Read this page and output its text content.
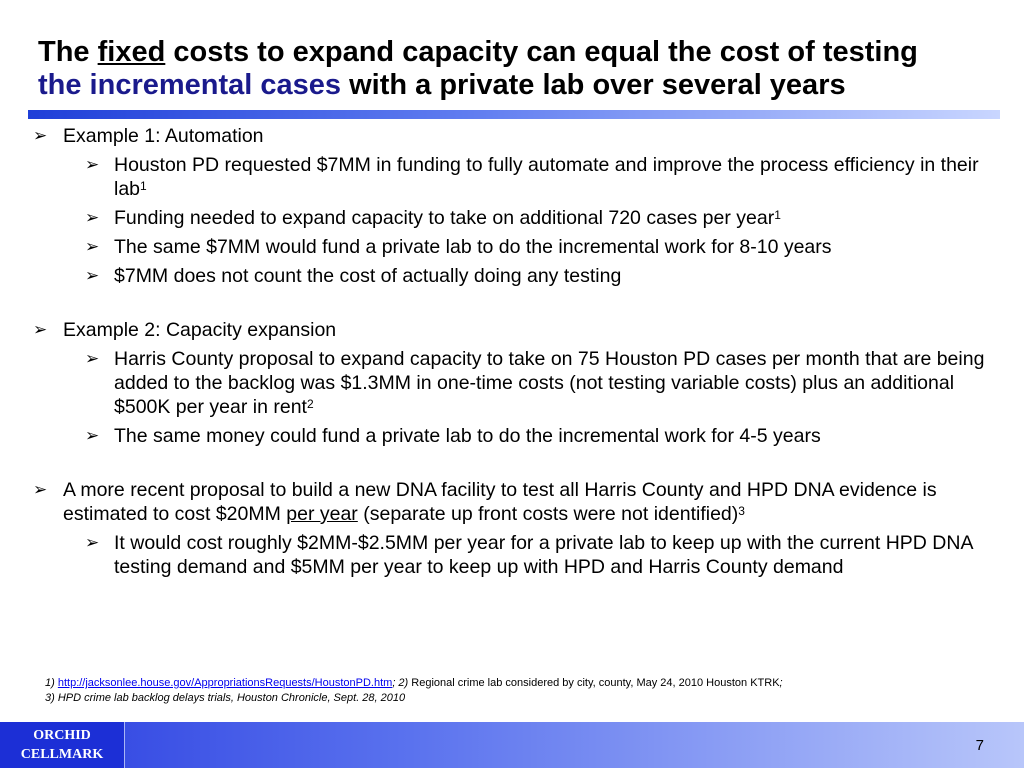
The fixed costs to expand capacity can equal the cost of testing
the incremental cases with a private lab over several years
➢ Example 1: Automation
➢ Houston PD requested $7MM in funding to fully automate and improve the process efficiency in their lab$^1$
➢ Funding needed to expand capacity to take on additional 720 cases per year$^1$
➢ The same $7MM would fund a private lab to do the incremental work for 8-10 years
➢ $7MM does not count the cost of actually doing any testing
➢ Example 2: Capacity expansion
➢ Harris County proposal to expand capacity to take on 75 Houston PD cases per month that are being added to the backlog was $1.3MM in one-time costs (not testing variable costs) plus an additional $500K per year in rent$^2$
➢ The same money could fund a private lab to do the incremental work for 4-5 years
➢ A more recent proposal to build a new DNA facility to test all Harris County and HPD DNA evidence is estimated to cost $20MM per year (separate up front costs were not identified)$^3$
➢ It would cost roughly $2MM-$2.5MM per year for a private lab to keep up with the current HPD DNA testing demand and $5MM per year to keep up with HPD and Harris County demand
1) http://jacksonlee.house.gov/AppropriationsRequests/HoustonPD.htm; 2) Regional crime lab considered by city, county, May 24, 2010 Houston KTRK;
3) HPD crime lab backlog delays trials, Houston Chronicle, Sept. 28, 2010
ORCHID
CELLMARK
7
